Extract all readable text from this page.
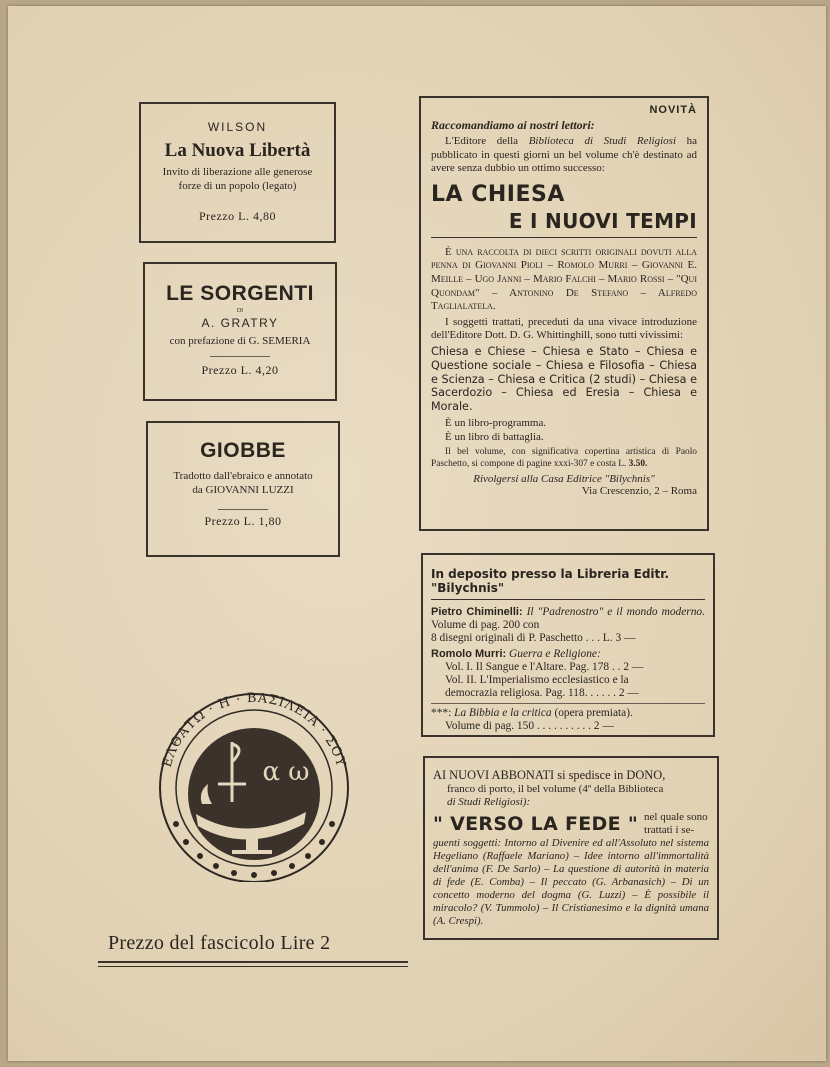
WILSON
La Nuova Libertà
Invito di liberazione alle generose forze di un popolo (legato)
Prezzo L. 4,80
LE SORGENTI
DI
A. GRATRY
con prefazione di G. SEMERIA
Prezzo L. 4,20
GIOBBE
Tradotto dall'ebraico e annotato
da GIOVANNI LUZZI
Prezzo L. 1,80
ΕΛΘΑΤΩ · Η · ΒΑΣΙΛΕΙΑ · ΣΟΥ
α ω
Prezzo del fascicolo Lire 2
NOVITÀ
Raccomandiamo ai nostri lettori:
L'Editore della Biblioteca di Studi Religiosi ha pubblicato in questi giorni un bel volume ch'è destinato ad avere senza dubbio un ottimo successo:
LA CHIESA
E I NUOVI TEMPI
È una raccolta di dieci scritti originali dovuti alla penna di Giovanni Pioli – Romolo Murri – Giovanni E. Meille – Ugo Janni – Mario Falchi – Mario Rossi – "Qui Quondam" – Antonino De Stefano – Alfredo Taglialatela.
I soggetti trattati, preceduti da una vivace introduzione dell'Editore Dott. D. G. Whittinghill, sono tutti vivissimi:
Chiesa e Chiese – Chiesa e Stato – Chiesa e Questione sociale – Chiesa e Filosofia – Chiesa e Scienza – Chiesa e Critica (2 studi) – Chiesa e Sacerdozio – Chiesa ed Eresia – Chiesa e Morale.
È un libro-programma.
È un libro di battaglia.
Il bel volume, con significativa copertina artistica di Paolo Paschetto, si compone di pagine xxxi-307 e costa L. 3.50.
Rivolgersi alla Casa Editrice "Bilychnis"
Via Crescenzio, 2 – Roma
In deposito presso la Libreria Editr. "Bilychnis"
Pietro Chiminelli: Il "Padrenostro" e il mondo moderno. Volume di pag. 200 con
8 disegni originali di P. Paschetto . . . L. 3 —
Romolo Murri: Guerra e Religione:
Vol. I. Il Sangue e l'Altare. Pag. 178 . . 2 —
Vol. II. L'Imperialismo ecclesiastico e la
democrazia religiosa. Pag. 118. . . . . . 2 —
***: La Bibbia e la critica (opera premiata).
Volume di pag. 150 . . . . . . . . . . 2 —
AI NUOVI ABBONATI si spedisce in DONO,
franco di porto, il bel volume (4º della Biblioteca
di Studi Religiosi):
" VERSO LA FEDE " nel quale sono
trattati i se-
guenti soggetti: Intorno al Divenire ed all'Assoluto nel sistema Hegeliano (Raffaele Mariano) – Idee intorno all'immortalità dell'anima (F. De Sarlo) – La questione di autorità in materia di fede (E. Comba) – Il peccato (G. Arbanasich) – Di un concetto moderno del dogma (G. Luzzi) – È possibile il miracolo? (V. Tummolo) – Il Cristianesimo e la dignità umana (A. Crespi).
